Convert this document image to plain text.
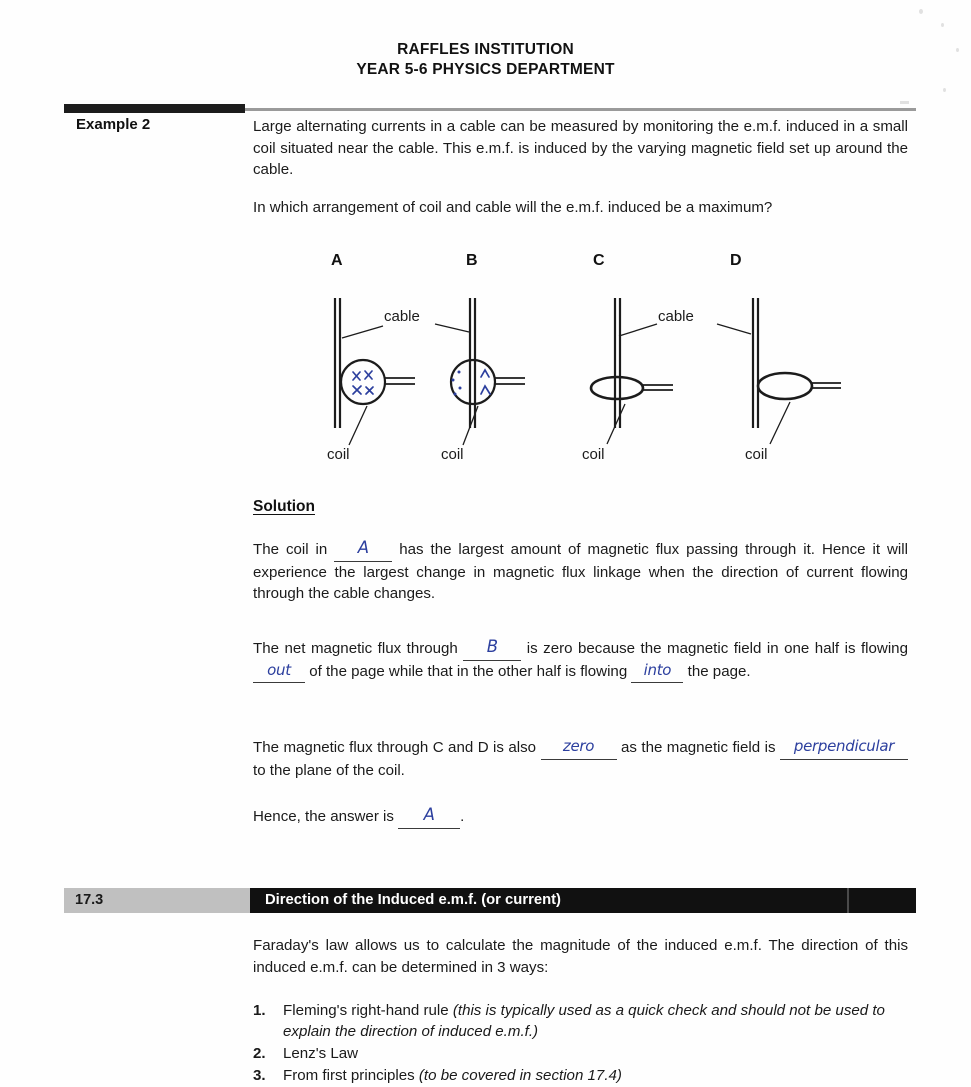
RAFFLES INSTITUTION
YEAR 5-6 PHYSICS DEPARTMENT
Example 2	Large alternating currents in a cable can be measured by monitoring the e.m.f. induced in a small coil situated near the cable. This e.m.f. is induced by the varying magnetic field set up around the cable.
In which arrangement of coil and cable will the e.m.f. induced be a maximum?
A	B	C	D
cable	cable
coil	coil	coil	coil
Solution
The coil in A has the largest amount of magnetic flux passing through it. Hence it will experience the largest change in magnetic flux linkage when the direction of current flowing through the cable changes.
The net magnetic flux through B is zero because the magnetic field in one half is flowing out of the page while that in the other half is flowing into the page.
The magnetic flux through C and D is also zero as the magnetic field is perpendicular to the plane of the coil.
Hence, the answer is A .
17.3	Direction of the Induced e.m.f. (or current)
Faraday's law allows us to calculate the magnitude of the induced e.m.f. The direction of this induced e.m.f. can be determined in 3 ways:
1.	Fleming's right-hand rule (this is typically used as a quick check and should not be used to explain the direction of induced e.m.f.)
2.	Lenz's Law
3.	From first principles (to be covered in section 17.4)
